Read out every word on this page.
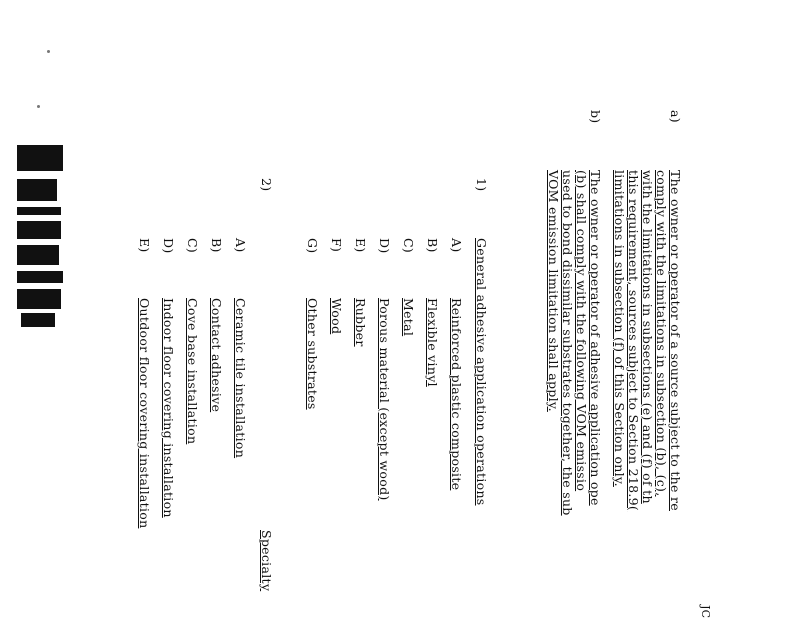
JC
a)
The owner or operator of a source subject to the re
comply with the limitations in subsection (b), (c),
with the limitations in subsections (e) and (f) of th
this requirement, sources subject to Section 218.9(
limitations in subsection (f) of this Section only.
b)
The owner or operator of adhesive application ope
(b) shall comply with the following VOM emissio
used to bond dissimilar substrates together, the sub
VOM emission limitation shall apply.
1)
General adhesive application operations
A)
Reinforced plastic composite
B)
Flexible vinyl
C)
Metal
D)
Porous material (except wood)
E)
Rubber
F)
Wood
G)
Other substrates
2)
Specialty
A)
Ceramic tile installation
B)
Contact adhesive
C)
Cove base installation
D)
Indoor floor covering installation
E)
Outdoor floor covering installation
